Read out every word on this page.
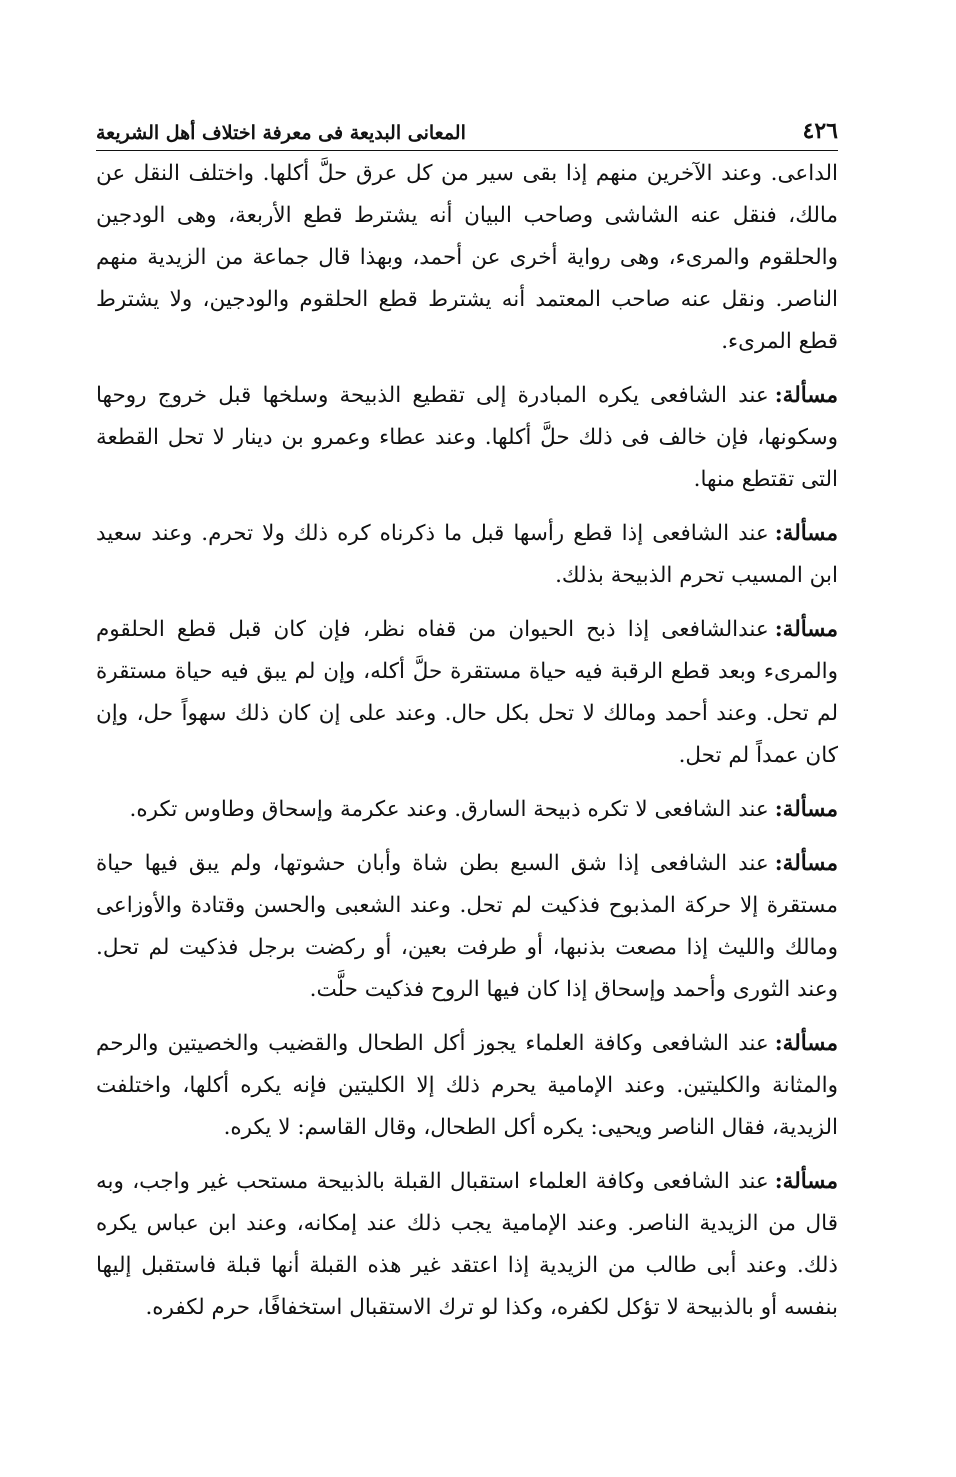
٤٢٦
المعانى البديعة فى معرفة اختلاف أهل الشريعة

الداعى. وعند الآخرين منهم إذا بقى سير من كل عرق حلَّ أكلها. واختلف النقل عن مالك، فنقل عنه الشاشى وصاحب البيان أنه يشترط قطع الأربعة، وهى الودجين والحلقوم والمرىء، وهى رواية أخرى عن أحمد، وبهذا قال جماعة من الزيدية منهم الناصر. ونقل عنه صاحب المعتمد أنه يشترط قطع الحلقوم والودجين، ولا يشترط قطع المرىء.

مسألة:عند الشافعى يكره المبادرة إلى تقطيع الذبيحة وسلخها قبل خروج روحها وسكونها، فإن خالف فى ذلك حلَّ أكلها. وعند عطاء وعمرو بن دينار لا تحل القطعة التى تقتطع منها.

مسألة:عند الشافعى إذا قطع رأسها قبل ما ذكرناه كره ذلك ولا تحرم. وعند سعيد ابن المسيب تحرم الذبيحة بذلك.

مسألة:عندالشافعى إذا ذبح الحيوان من قفاه نظر، فإن كان قبل قطع الحلقوم والمرىء وبعد قطع الرقبة فيه حياة مستقرة حلَّ أكله، وإن لم يبق فيه حياة مستقرة لم تحل. وعند أحمد ومالك لا تحل بكل حال. وعند على إن كان ذلك سهواً حل، وإن كان عمداً لم تحل.

مسألة:عند الشافعى لا تكره ذبيحة السارق. وعند عكرمة وإسحاق وطاوس تكره.

مسألة:عند الشافعى إذا شق السبع بطن شاة وأبان حشوتها، ولم يبق فيها حياة مستقرة إلا حركة المذبوح فذكيت لم تحل. وعند الشعبى والحسن وقتادة والأوزاعى ومالك والليث إذا مصعت بذنبها، أو طرفت بعين، أو ركضت برجل فذكيت لم تحل. وعند الثورى وأحمد وإسحاق إذا كان فيها الروح فذكيت حلَّت.

مسألة:عند الشافعى وكافة العلماء يجوز أكل الطحال والقضيب والخصيتين والرحم والمثانة والكليتين. وعند الإمامية يحرم ذلك إلا الكليتين فإنه يكره أكلها، واختلفت الزيدية، فقال الناصر ويحيى: يكره أكل الطحال، وقال القاسم: لا يكره.

مسألة:عند الشافعى وكافة العلماء استقبال القبلة بالذبيحة مستحب غير واجب، وبه قال من الزيدية الناصر. وعند الإمامية يجب ذلك عند إمكانه، وعند ابن عباس يكره ذلك. وعند أبى طالب من الزيدية إذا اعتقد غير هذه القبلة أنها قبلة فاستقبل إليها بنفسه أو بالذبيحة لا تؤكل لكفره، وكذا لو ترك الاستقبال استخفافًا، حرم لكفره.
